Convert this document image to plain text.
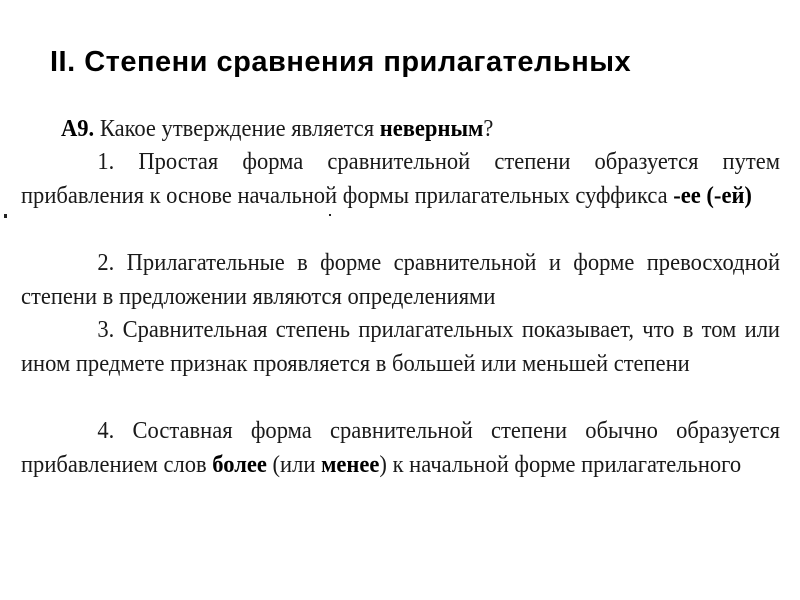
II. Степени сравнения прилагательных
А9. Какое утверждение является неверным?
1. Простая форма сравнительной степени образуется путем прибавления к основе начальной формы прилагательных суффикса -ее (-ей)
2. Прилагательные в форме сравнительной и форме превосходной степени в предложении являются определениями
3. Сравнительная степень прилагательных показывает, что в том или ином предмете признак проявляется в большей или меньшей степени
4. Составная форма сравнительной степени обычно образуется прибавлением слов более (или менее) к начальной форме прилагательного
